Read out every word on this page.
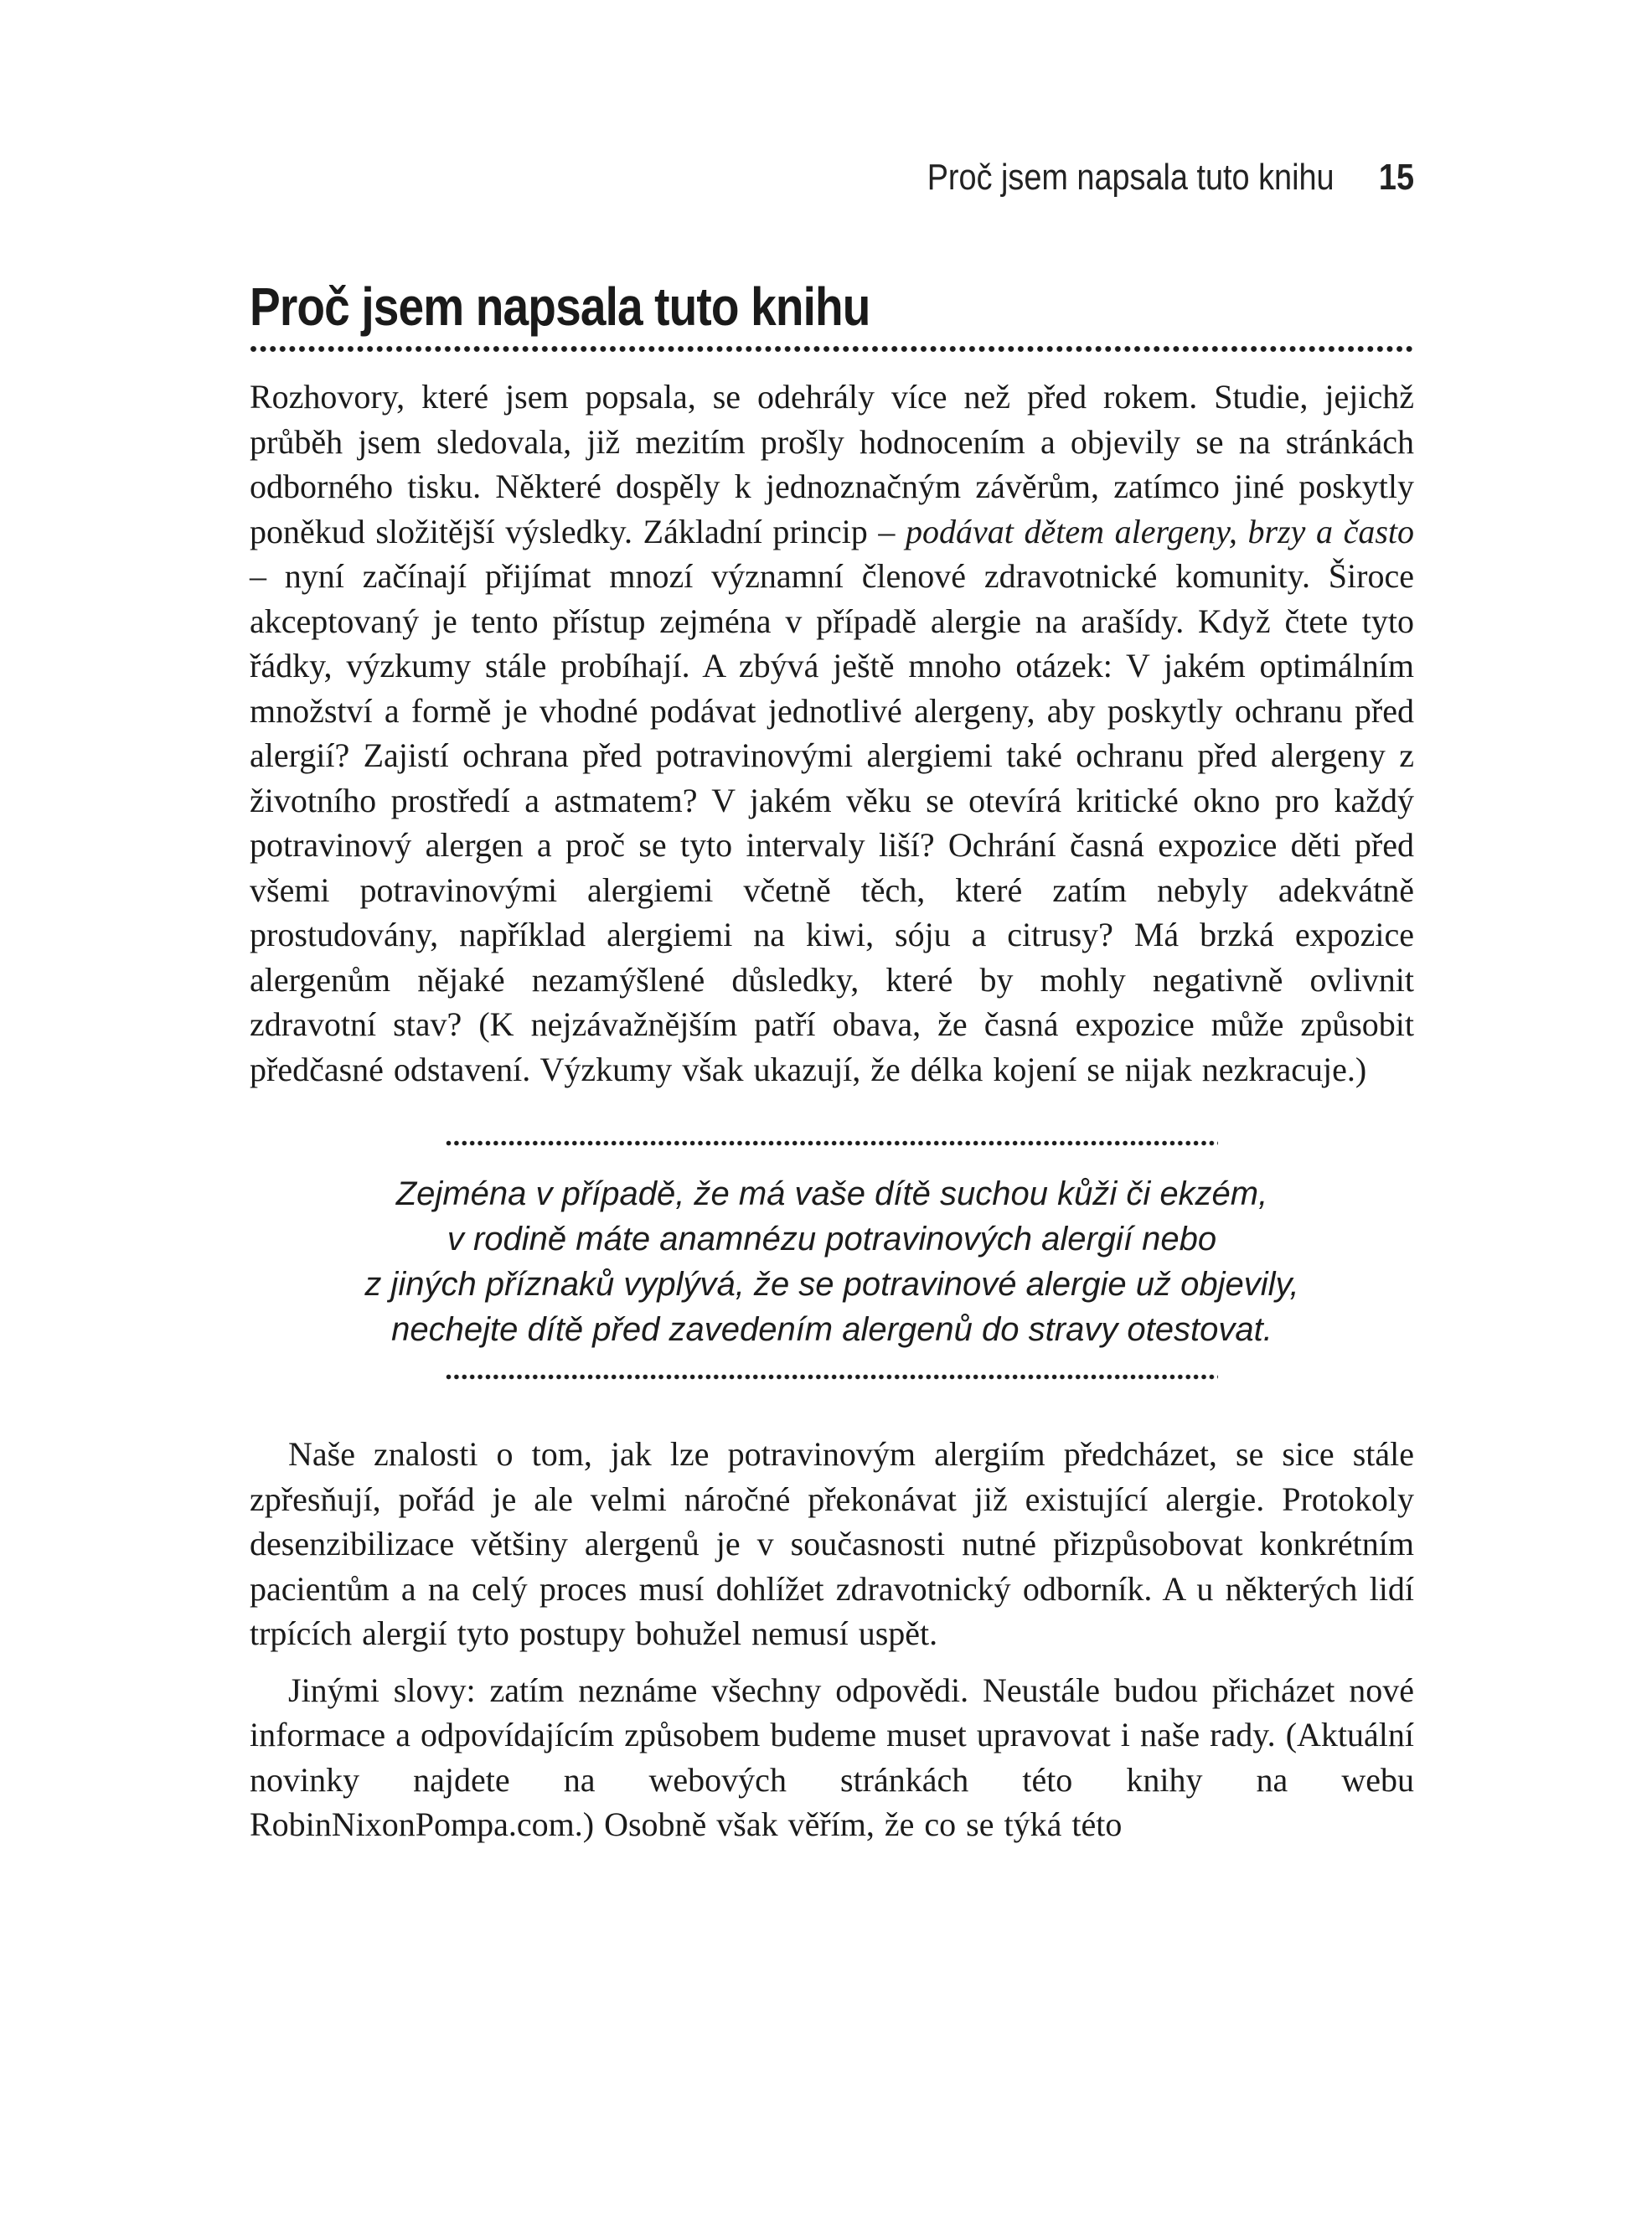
Proč jsem napsala tuto knihu 15
Proč jsem napsala tuto knihu

Rozhovory, které jsem popsala, se odehrály více než před rokem. Studie, jejichž průběh jsem sledovala, již mezitím prošly hodnocením a objevily se na stránkách odborného tisku. Některé dospěly k jednoznačným závěrům, zatímco jiné poskytly poněkud složitější výsledky. Základní princip – podávat dětem alergeny, brzy a často – nyní začínají přijímat mnozí významní členové zdravotnické komunity. Široce akceptovaný je tento přístup zejména v případě alergie na arašídy. Když čtete tyto řádky, výzkumy stále probíhají. A zbývá ještě mnoho otázek: V jakém optimálním množství a formě je vhodné podávat jednotlivé alergeny, aby poskytly ochranu před alergií? Zajistí ochrana před potravinovými alergiemi také ochranu před alergeny z životního prostředí a astmatem? V jakém věku se otevírá kritické okno pro každý potravinový alergen a proč se tyto intervaly liší? Ochrání časná expozice děti před všemi potravinovými alergiemi včetně těch, které zatím nebyly adekvátně prostudovány, například alergiemi na kiwi, sóju a citrusy? Má brzká expozice alergenům nějaké nezamýšlené důsledky, které by mohly negativně ovlivnit zdravotní stav? (K nejzávažnějším patří obava, že časná expozice může způsobit předčasné odstavení. Výzkumy však ukazují, že délka kojení se nijak nezkracuje.)

Zejména v případě, že má vaše dítě suchou kůži či ekzém,
v rodině máte anamnézu potravinových alergií nebo
z jiných příznaků vyplývá, že se potravinové alergie už objevily,
nechejte dítě před zavedením alergenů do stravy otestovat.

Naše znalosti o tom, jak lze potravinovým alergiím předcházet, se sice stále zpřesňují, pořád je ale velmi náročné překonávat již existující alergie. Protokoly desenzibilizace většiny alergenů je v současnosti nutné přizpůsobovat konkrétním pacientům a na celý proces musí dohlížet zdravotnický odborník. A u některých lidí trpících alergií tyto postupy bohužel nemusí uspět.

Jinými slovy: zatím neznáme všechny odpovědi. Neustále budou přicházet nové informace a odpovídajícím způsobem budeme muset upravovat i naše rady. (Aktuální novinky najdete na webových stránkách této knihy na webu RobinNixonPompa.com.) Osobně však věřím, že co se týká této
